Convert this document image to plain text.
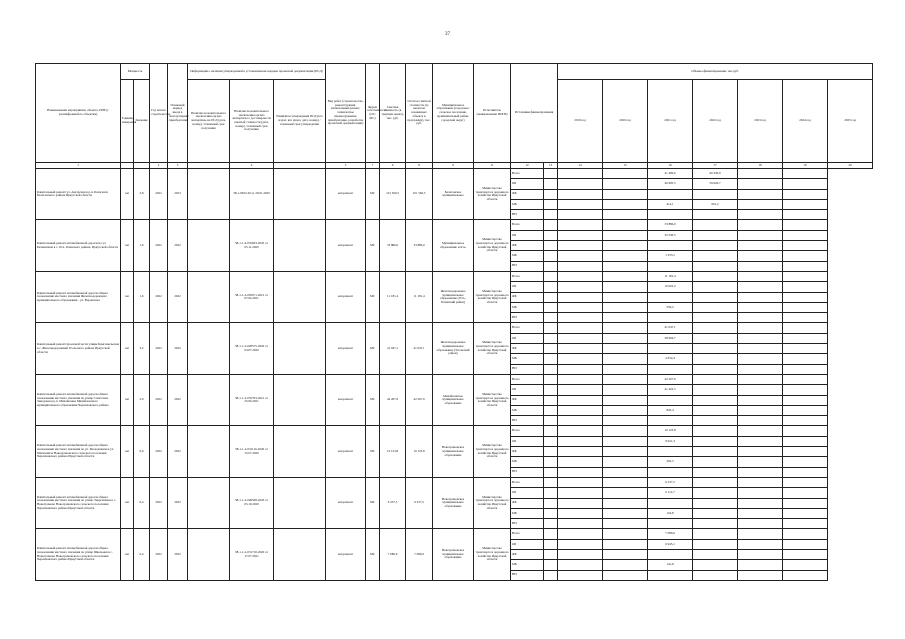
37
Наименование мероприятия, объекта, ПИР (с расшифровкой по объектам)	Мощность		Год начала строительства	Плановый период ввода в эксплуатацию/ приобретения	Информация о наличии утвержденной в установленном порядке проектной документации (ПСД)			Вид работ (строительство, реконструкция, капитальный ремонт, техническое перевооружение, приобретение, разработка проектной документации)	Форма собственности (ОС/МС)	Сметная стоимость (в текущих ценах), тыс. руб.	Остаток сметной стоимости (за вычетом вложенных объекта в программу), тыс. руб.	Муниципальное образование (городское/сельское поселение, муниципальный район, городской округ)	Исполнитель (наименование ИОГВ)	Источники финансирования		Объемы финансирования, тыс.руб.						
	Единица измерения	Значение			Наличие положительного заключения органа экспертизы на ПСД (дата, номер) / плановый срок получения	Наличие положительного заключения органа экспертизы о достоверности сметной стоимости (дата, номер) / плановый срок получения	Реквизиты утверждения ПСД (кто издал, кто издал, дата, номер) / плановый срок утверждения									2019 год	2020 год	2021 год	2022 год	2023 год	2024 год	2025 год
1			2	3		4		5	7	6	8	9	11	12	13	14	15	16	17	18	19	20
Капитальный ремонт ул. Ангарская в р.п. Балаганск Балаганского района Иркутской области	км	2,8	2022	2023		38-1-0022-20 от 20.01.2020		кап.ремонт	МС	101 560,5	101 560,5	Балаганское муниципальное	Министерство транспорта и дорожного хозяйства Иркутской области	Всего				41 409,6	60 230,9			
														ОБ				40 995,5	59 629,7			
														ФБ								
														МБ				414,1	601,2			
														НИ								
Капитальный ремонт автомобильной дороги по ул. Бельничная в с. Оса, Осинского района, Иркутской области	км	1,0	2022	2022		38-1-1-2-035603-2020 от 05.11.2020		кап.ремонт	МС	33 886,0	33 886,0	Муниципальное образование «Оса»	Министерство транспорта и дорожного хозяйства Иркутской области	Всего				33 886,0				
														ОБ				32 530,5				
														ФБ								
														МБ				1 355,5				
														НИ								
Капитальный ремонт автомобильной дороги общего пользования местного значения Железнодорожного муниципального образования - ул. Воровского	км	1,6	2022	2022		38-1-1-2-005671-2021 от 07.04.2021		кап.ремонт	МС	11 181,4	11 181,4	Железнодорожное муниципальное образование (Усть-Илимский район)	Министерство транспорта и дорожного хозяйства Иркутской области	Всего				11 181,4				
														ОБ				10 622,2				
														ФБ								
														МБ				559,2				
														НИ								
Капитальный ремонт проезжей части улицы Комсомольская в с. Железнодорожный Усольского района Иркутской области	км	3,2	2022	2022		38-1-1-2-028575-2020 от 03.07.2020		кап.ремонт	МС	41 047,1	41 047,1	Железнодорожное муниципальное образование (Усольский район)	Министерство транспорта и дорожного хозяйства Иркутской области	Всего				41 047,1				
														ОБ				38 994,7				
														ФБ								
														МБ				2 052,4				
														НИ								
Капитальный ремонт автомобильной дороги общего пользования местного значения по улице Советская-Заводская в р.п. Михайловка Михайловского муниципального образования Черемховского района	км	2,9	2022	2022		38-1-1-2-035793-2021 от 25.06.2021		кап.ремонт	МС	42 267,9	42 267,9	Михайловское муниципальное образование	Министерство транспорта и дорожного хозяйства Иркутской области	Всего				42 267,9				
														ОБ				41 422,5				
														ФБ								
														МБ				845,4				
														НИ								
Капитальный ремонт автомобильной дороги общего пользования местного значения по ул. Молодежная и ул. Матвеевича Новогромовского сельского поселения Черемховского района Иркутской области	км	0,6	2022	2022		38-1-1-2-031116-2020 от 15.07.2020		кап.ремонт	МС	10 123,8	10 123,8	Новогромовское муниципальное образование	Министерство транспорта и дорожного хозяйства Иркутской области	Всего				10 123,8				
														ОБ				9 921,3				
														ФБ								
														МБ				202,5				
														НИ								
Капитальный ремонт автомобильной дороги общего пользования местного значения по улице Энергетиков в с. Новогромово Новогромовского сельского поселения Черемховского района Иркутской области	км	0,4	2022	2022		38-1-1-2-049508-2020 от 05.10.2020		кап.ремонт	МС	6 237,5	6 237,5	Новогромовское муниципальное образование	Министерство транспорта и дорожного хозяйства Иркутской области	Всего				6 237,5				
														ОБ				6 112,7				
														ФБ								
														МБ				124,8				
														НИ								
Капитальный ремонт автомобильной дороги общего пользования местного значения по улице Школьная в с. Новогромово Новогромовского сельского поселения Черемховского района Иркутской области	км	0,4	2022	2022		38-1-1-2-031710-2020 от 17.07.2021		кап.ремонт	МС	7 086,9	7 086,9	Новогромовское муниципальное образование	Министерство транспорта и дорожного хозяйства Иркутской области	Всего				7 086,9				
														ОБ				6 945,1				
														ФБ								
														МБ				141,8				
														НИ								
